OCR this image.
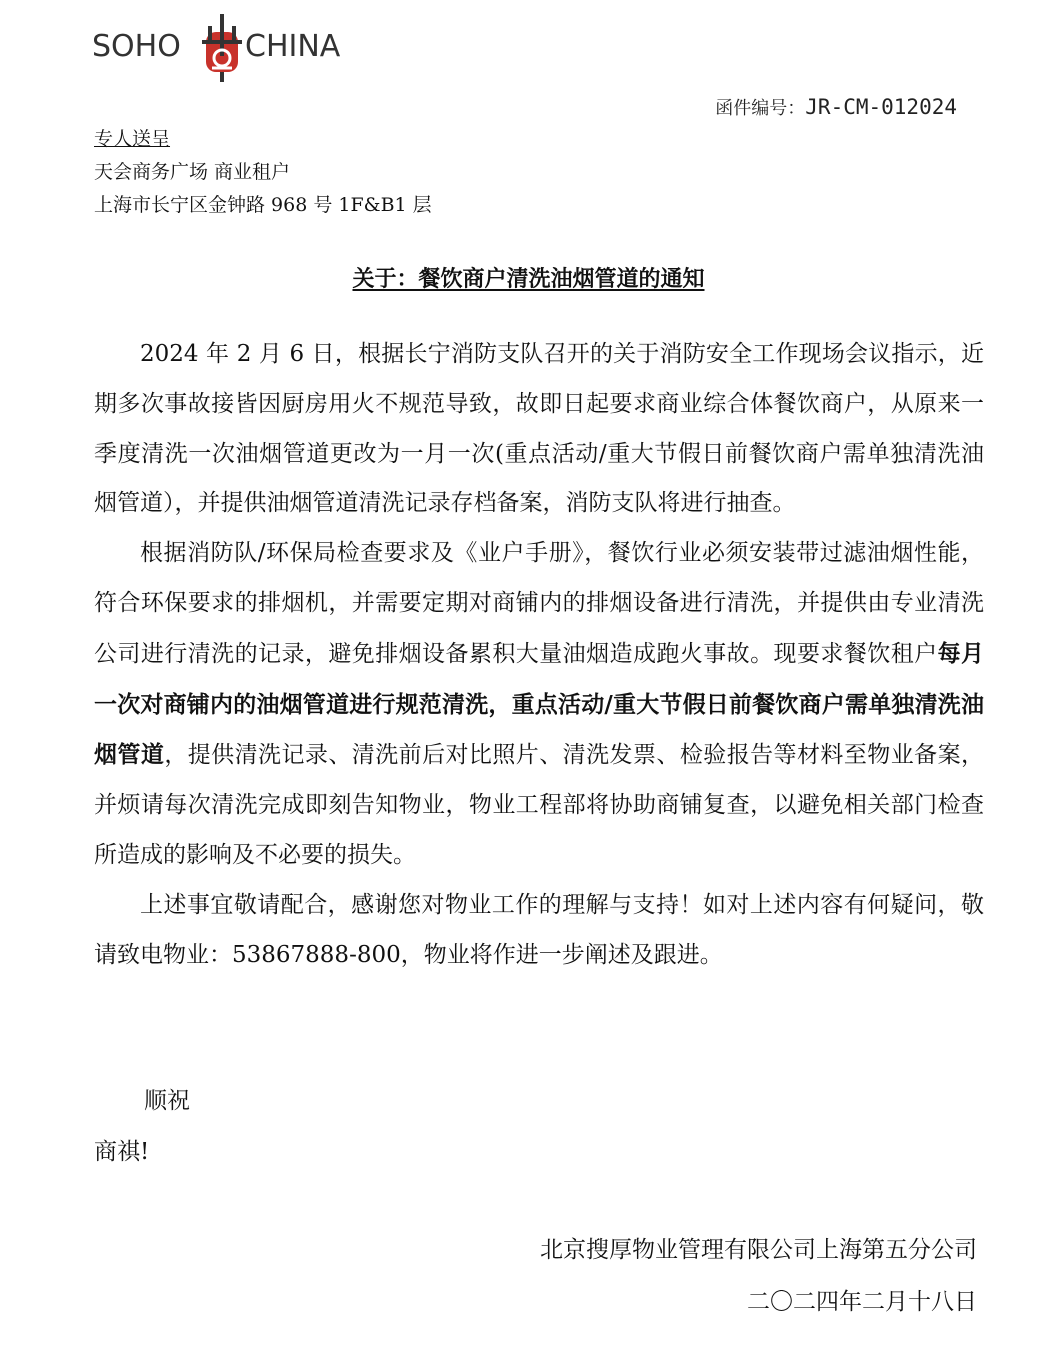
SOHO CHINA
函件编号：JR-CM-012024
专人送呈
天会商务广场 商业租户
上海市长宁区金钟路 968 号 1F&B1 层
关于：餐饮商户清洗油烟管道的通知

2024 年 2 月 6 日，根据长宁消防支队召开的关于消防安全工作现场会议指示，近期多次事故接皆因厨房用火不规范导致，故即日起要求商业综合体餐饮商户，从原来一季度清洗一次油烟管道更改为一月一次(重点活动/重大节假日前餐饮商户需单独清洗油烟管道），并提供油烟管道清洗记录存档备案，消防支队将进行抽查。

根据消防队/环保局检查要求及《业户手册》，餐饮行业必须安装带过滤油烟性能，符合环保要求的排烟机，并需要定期对商铺内的排烟设备进行清洗，并提供由专业清洗公司进行清洗的记录，避免排烟设备累积大量油烟造成跑火事故。现要求餐饮租户每月一次对商铺内的油烟管道进行规范清洗，重点活动/重大节假日前餐饮商户需单独清洗油烟管道，提供清洗记录、清洗前后对比照片、清洗发票、检验报告等材料至物业备案，并烦请每次清洗完成即刻告知物业，物业工程部将协助商铺复查，以避免相关部门检查所造成的影响及不必要的损失。

上述事宜敬请配合，感谢您对物业工作的理解与支持！如对上述内容有何疑问，敬请致电物业：53867888-800，物业将作进一步阐述及跟进。

顺祝
商祺!
北京搜厚物业管理有限公司上海第五分公司
二〇二四年二月十八日
